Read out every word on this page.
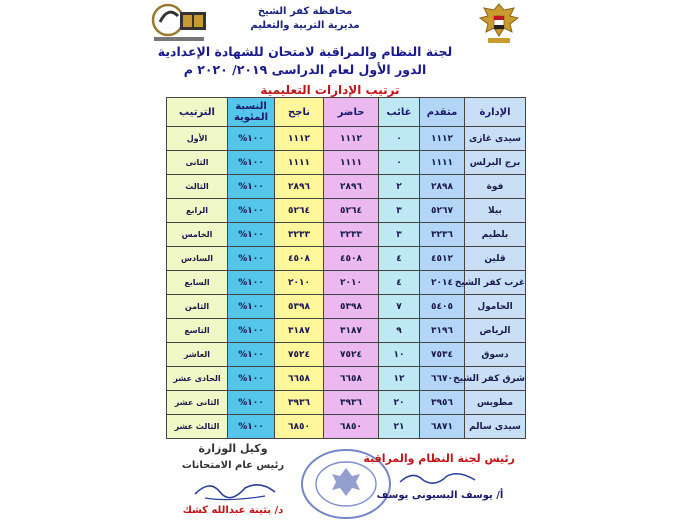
محافظة كفر الشيخ
مديرية التربية والتعليم
لجنة النظام والمراقبة لامتحان للشهادة الإعدادية
الدور الأول لعام الدراسى ٢٠١٩/ ٢٠٢٠ م
ترتيب الإدارات التعليمية
الإدارة	متقدم	غائب	حاضر	ناجح	النسبة المئوية	الترتيب
سيدى غازى	١١١٢	٠	١١١٢	١١١٢	١٠٠%	الأول
برج البرلس	١١١١	٠	١١١١	١١١١	١٠٠%	الثانى
فوة	٢٨٩٨	٢	٢٨٩٦	٢٨٩٦	١٠٠%	الثالث
بيلا	٥٢٦٧	٣	٥٢٦٤	٥٢٦٤	١٠٠%	الرابع
بلطيم	٣٢٣٦	٣	٣٢٣٣	٣٢٣٣	١٠٠%	الخامس
قلين	٤٥١٢	٤	٤٥٠٨	٤٥٠٨	١٠٠%	السادس
غرب كفر الشيخ	٢٠١٤	٤	٢٠١٠	٢٠١٠	١٠٠%	السابع
الحامول	٥٤٠٥	٧	٥٣٩٨	٥٣٩٨	١٠٠%	الثامن
الرياض	٣١٩٦	٩	٣١٨٧	٣١٨٧	١٠٠%	التاسع
دسوق	٧٥٣٤	١٠	٧٥٢٤	٧٥٢٤	١٠٠%	العاشر
شرق كفر الشيخ	٦٦٧٠	١٢	٦٦٥٨	٦٦٥٨	١٠٠%	الحادى عشر
مطوبس	٣٩٥٦	٢٠	٣٩٣٦	٣٩٣٦	١٠٠%	الثانى عشر
سيدى سالم	٦٨٧١	٢١	٦٨٥٠	٦٨٥٠	١٠٠%	الثالث عشر
وكيل الوزارة
رئيس عام الامتحانات
د/ بثينة عبدالله كشك
رئيس لجنة النظام والمراقبة
أ/ يوسف البسيونى يوسف
